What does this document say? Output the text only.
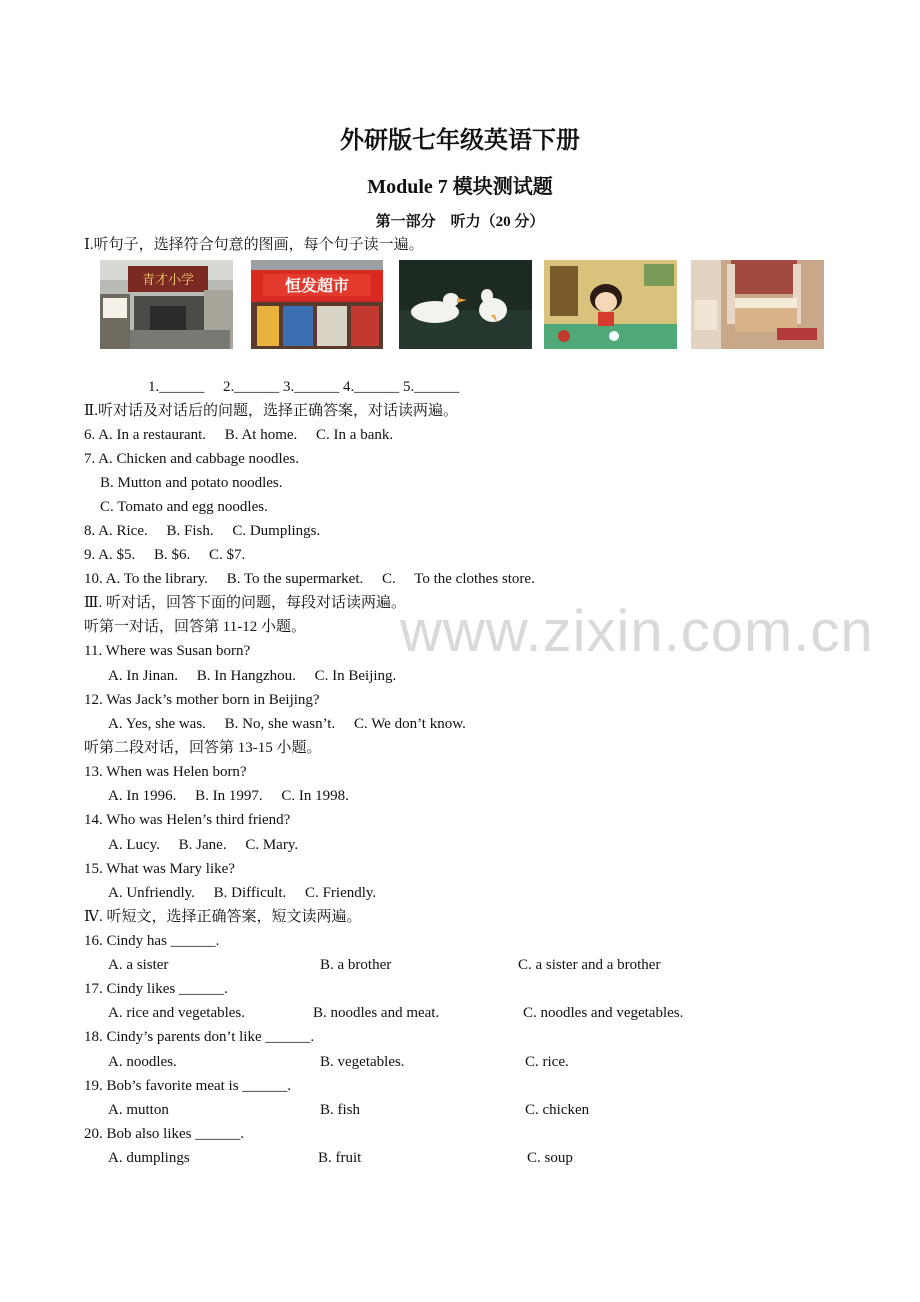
外研版七年级英语下册
Module 7 模块测试题
第一部分　听力（20 分）
Ⅰ.听句子，选择符合句意的图画，每个句子读一遍。
青才小学	恒发超市
1.______ 　2.______ 3.______ 4.______ 5.______
Ⅱ.听对话及对话后的问题，选择正确答案，对话读两遍。
6. A. In a restaurant.　 B. At home.　 C. In a bank.
7. A. Chicken and cabbage noodles.
B. Mutton and potato noodles.
C. Tomato and egg noodles.
8. A. Rice.　 B. Fish.　 C. Dumplings.
9. A. $5.　 B. $6.　 C. $7.
10. A. To the library.　 B. To the supermarket.　 C.　 To the clothes store.
Ⅲ. 听对话，回答下面的问题，每段对话读两遍。
听第一对话，回答第 11-12 小题。
11. Where was Susan born?
A. In Jinan.　 B. In Hangzhou.　 C. In Beijing.
12. Was Jack’s mother born in Beijing?
A. Yes, she was.　 B. No, she wasn’t.　 C. We don’t know.
听第二段对话，回答第 13-15 小题。
13. When was Helen born?
A. In 1996.　 B. In 1997.　 C. In 1998.
14. Who was Helen’s third friend?
A. Lucy.　 B. Jane.　 C. Mary.
15. What was Mary like?
A. Unfriendly.　 B. Difficult.　 C. Friendly.
Ⅳ. 听短文，选择正确答案，短文读两遍。
16. Cindy has ______.
A. a sister	B. a brother	C. a sister and a brother
17. Cindy likes ______.
A. rice and vegetables.	B. noodles and meat.	C. noodles and vegetables.
18. Cindy’s parents don’t like ______.
A. noodles.	B. vegetables.	C. rice.
19. Bob’s favorite meat is ______.
A. mutton	B. fish	C. chicken
20. Bob also likes ______.
A. dumplings	B. fruit	C. soup
www.zixin.com.cn
